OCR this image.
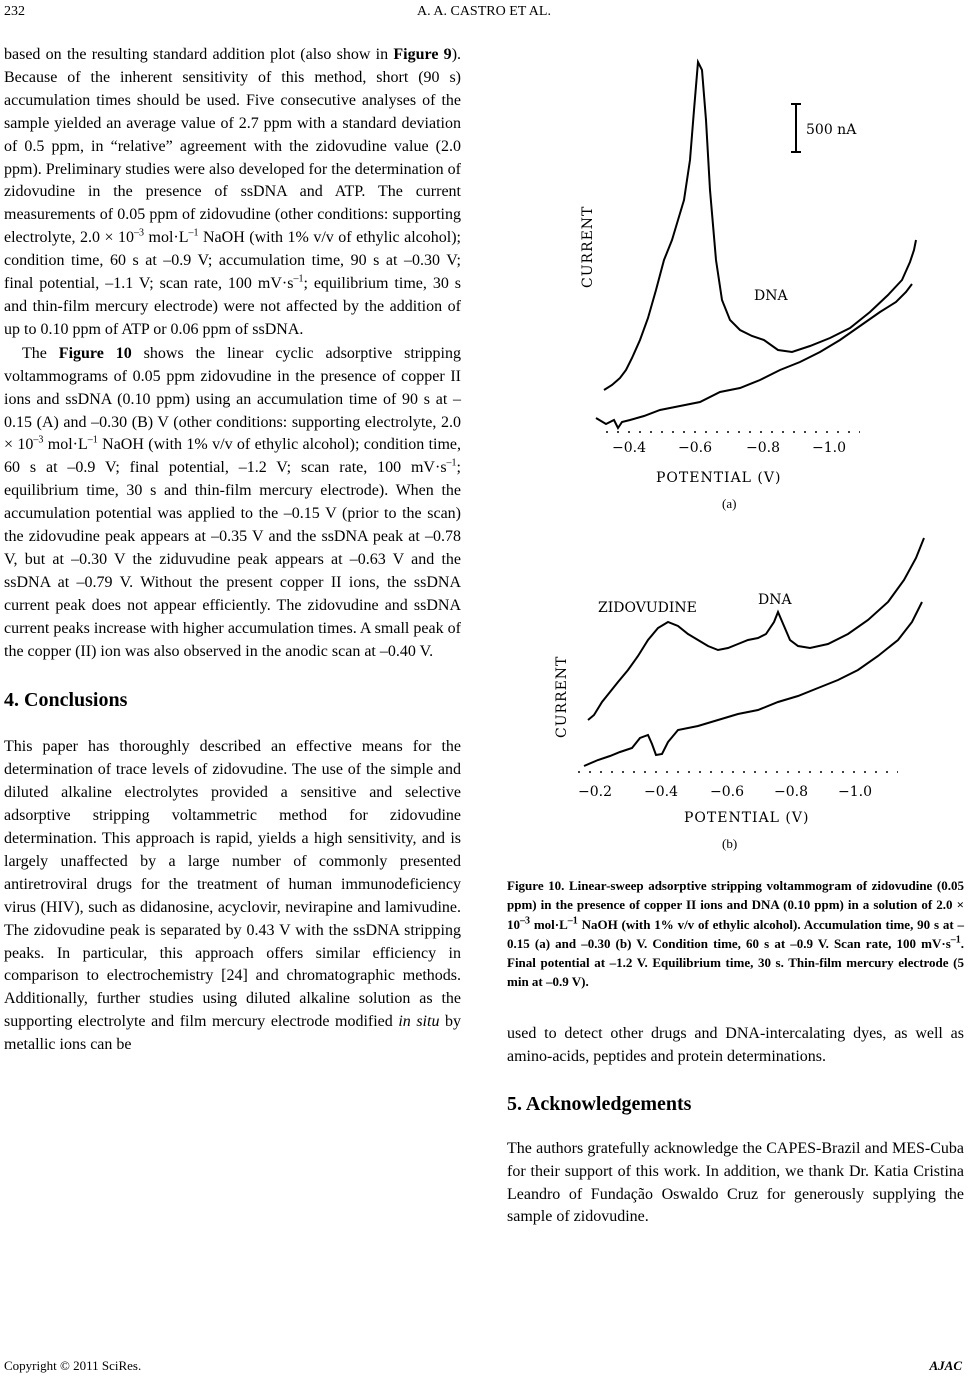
232	A. A. CASTRO ET AL.

based on the resulting standard addition plot (also show in Figure 9). Because of the inherent sensitivity of this method, short (90 s) accumulation times should be used. Five consecutive analyses of the sample yielded an average value of 2.7 ppm with a standard deviation of 0.5 ppm, in “relative” agreement with the zidovudine value (2.0 ppm). Preliminary studies were also developed for the determination of zidovudine in the presence of ssDNA and ATP. The current measurements of 0.05 ppm of zidovudine (other conditions: supporting electrolyte, $2.0 \times 10^{-3}$ $mol\cdot L^{-1}$ NaOH (with 1% v/v of ethylic alcohol); condition time, 60 s at –0.9 V; accumulation time, 90 s at –0.30 V; final potential, –1.1 V; scan rate, 100 $mV\cdot s^{-1}$; equilibrium time, 30 s and thin-film mercury electrode) were not affected by the addition of up to 0.10 ppm of ATP or 0.06 ppm of ssDNA.

The Figure 10 shows the linear cyclic adsorptive stripping voltammograms of 0.05 ppm zidovudine in the presence of copper II ions and ssDNA (0.10 ppm) using an accumulation time of 90 s at –0.15 (A) and –0.30 (B) V (other conditions: supporting electrolyte, $2.0 \times 10^{-3}$ $mol\cdot L^{-1}$ NaOH (with 1% v/v of ethylic alcohol); condition time, 60 s at –0.9 V; final potential, –1.2 V; scan rate, 100 $mV\cdot s^{-1}$; equilibrium time, 30 s and thin-film mercury electrode). When the accumulation potential was applied to the –0.15 V (prior to the scan) the zidovudine peak appears at –0.35 V and the ssDNA peak at –0.78 V, but at –0.30 V the ziduvudine peak appears at –0.63 V and the ssDNA at –0.79 V. Without the present copper II ions, the ssDNA current peak does not appear efficiently. The zidovudine and ssDNA current peaks increase with higher accumulation times. A small peak of the copper (II) ion was also observed in the anodic scan at –0.40 V.

4. Conclusions

This paper has thoroughly described an effective means for the determination of trace levels of zidovudine. The use of the simple and diluted alkaline electrolytes provided a sensitive and selective adsorptive stripping voltammetric method for zidovudine determination. This approach is rapid, yields a high sensitivity, and is largely unaffected by a large number of commonly presented antiretroviral drugs for the treatment of human immunodeficiency virus (HIV), such as didanosine, acyclovir, nevirapine and lamivudine. The zidovudine peak is separated by 0.43 V with the ssDNA stripping peaks. In particular, this approach offers similar efficiency in comparison to electrochemistry [24] and chromatographic methods. Additionally, further studies using diluted alkaline solution as the supporting electrolyte and film mercury electrode modified in situ by metallic ions can be

500 nA
DNA
−0.4 −0.6 −0.8 −1.0
POTENTIAL (V)
CURRENT
(a)
ZIDOVUDINE	DNA
−0.2 −0.4 −0.6 −0.8 −1.0
POTENTIAL (V)
CURRENT
(b)
Figure 10. Linear-sweep adsorptive stripping voltammogram of zidovudine (0.05 ppm) in the presence of copper II ions and DNA (0.10 ppm) in a solution of $2.0 \times 10^{-3}$ $mol\cdot L^{-1}$ NaOH (with 1% v/v of ethylic alcohol). Accumulation time, 90 s at –0.15 (a) and –0.30 (b) V. Condition time, 60 s at –0.9 V. Scan rate, 100 $mV\cdot s^{-1}$. Final potential at –1.2 V. Equilibrium time, 30 s. Thin-film mercury electrode (5 min at –0.9 V).

used to detect other drugs and DNA-intercalating dyes, as well as amino-acids, peptides and protein determinations.

5. Acknowledgements

The authors gratefully acknowledge the CAPES-Brazil and MES-Cuba for their support of this work. In addition, we thank Dr. Katia Cristina Leandro of Fundação Oswaldo Cruz for generously supplying the sample of zidovudine.

Copyright © 2011 SciRes.	AJAC
